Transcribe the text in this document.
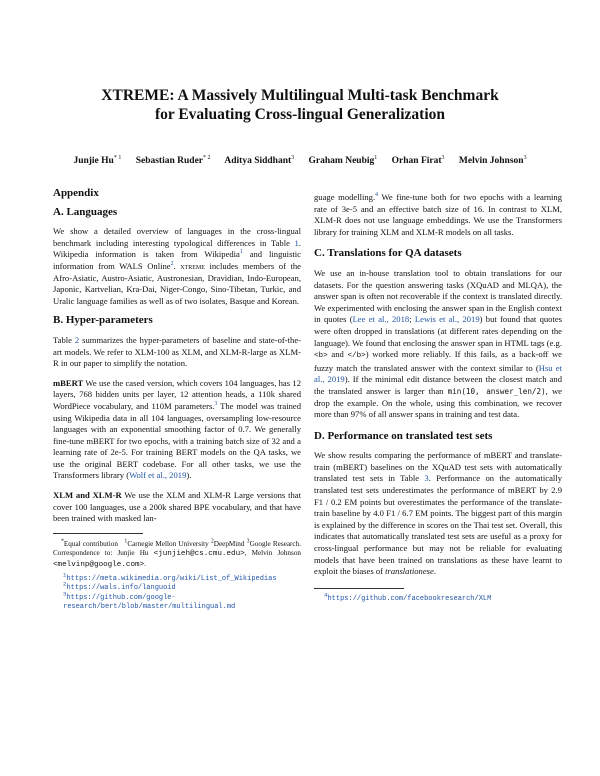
XTREME: A Massively Multilingual Multi-task Benchmark
for Evaluating Cross-lingual Generalization
Junjie Hu$^{* 1}$ Sebastian Ruder$^{* 2}$ Aditya Siddhant$^3$ Graham Neubig$^1$ Orhan Firat$^3$ Melvin Johnson$^3$
Appendix
A. Languages

We show a detailed overview of languages in the cross-lingual benchmark including interesting typological differences in Table 1. Wikipedia information is taken from Wikipedia$^1$ and linguistic information from WALS Online$^2$. xtreme includes members of the Afro-Asiatic, Austro-Asiatic, Austronesian, Dravidian, Indo-European, Japonic, Kartvelian, Kra-Dai, Niger-Congo, Sino-Tibetan, Turkic, and Uralic language families as well as of two isolates, Basque and Korean.

B. Hyper-parameters

Table 2 summarizes the hyper-parameters of baseline and state-of-the-art models. We refer to XLM-100 as XLM, and XLM-R-large as XLM-R in our paper to simplify the notation.

mBERT We use the cased version, which covers 104 languages, has 12 layers, 768 hidden units per layer, 12 attention heads, a 110k shared WordPiece vocabulary, and 110M parameters.$^3$ The model was trained using Wikipedia data in all 104 languages, oversampling low-resource languages with an exponential smoothing factor of 0.7. We generally fine-tune mBERT for two epochs, with a training batch size of 32 and a learning rate of 2e-5. For training BERT models on the QA tasks, we use the original BERT codebase. For all other tasks, we use the Transformers library (Wolf et al., 2019).

XLM and XLM-R We use the XLM and XLM-R Large versions that cover 100 languages, use a 200k shared BPE vocabulary, and that have been trained with masked lan-

*Equal contribution $^1$Carnegie Mellon University $^2$DeepMind $^3$Google Research. Correspondence to: Junjie Hu <junjieh@cs.cmu.edu>, Melvin Johnson <melvinp@google.com>.
$^1$https://meta.wikimedia.org/wiki/List_of_Wikipedias
$^2$https://wals.info/languoid
$^3$https://github.com/google-research/bert/blob/master/multilingual.md

guage modelling.$^4$ We fine-tune both for two epochs with a learning rate of 3e-5 and an effective batch size of 16. In contrast to XLM, XLM-R does not use language embeddings. We use the Transformers library for training XLM and XLM-R models on all tasks.

C. Translations for QA datasets

We use an in-house translation tool to obtain translations for our datasets. For the question answering tasks (XQuAD and MLQA), the answer span is often not recoverable if the context is translated directly. We experimented with enclosing the answer span in the English context in quotes (Lee et al., 2018; Lewis et al., 2019) but found that quotes were often dropped in translations (at different rates depending on the language). We found that enclosing the answer span in HTML tags (e.g. <b> and </b>) worked more reliably. If this fails, as a back-off we fuzzy match the translated answer with the context similar to (Hsu et al., 2019). If the minimal edit distance between the closest match and the translated answer is larger than min(10, answer_len/2), we drop the example. On the whole, using this combination, we recover more than 97% of all answer spans in training and test data.

D. Performance on translated test sets

We show results comparing the performance of mBERT and translate-train (mBERT) baselines on the XQuAD test sets with automatically translated test sets in Table 3. Performance on the automatically translated test sets underestimates the performance of mBERT by 2.9 F1 / 0.2 EM points but overestimates the performance of the translate-train baseline by 4.0 F1 / 6.7 EM points. The biggest part of this margin is explained by the difference in scores on the Thai test set. Overall, this indicates that automatically translated test sets are useful as a proxy for cross-lingual performance but may not be reliable for evaluating models that have been trained on translations as these have learnt to exploit the biases of translationese.

$^4$https://github.com/facebookresearch/XLM
